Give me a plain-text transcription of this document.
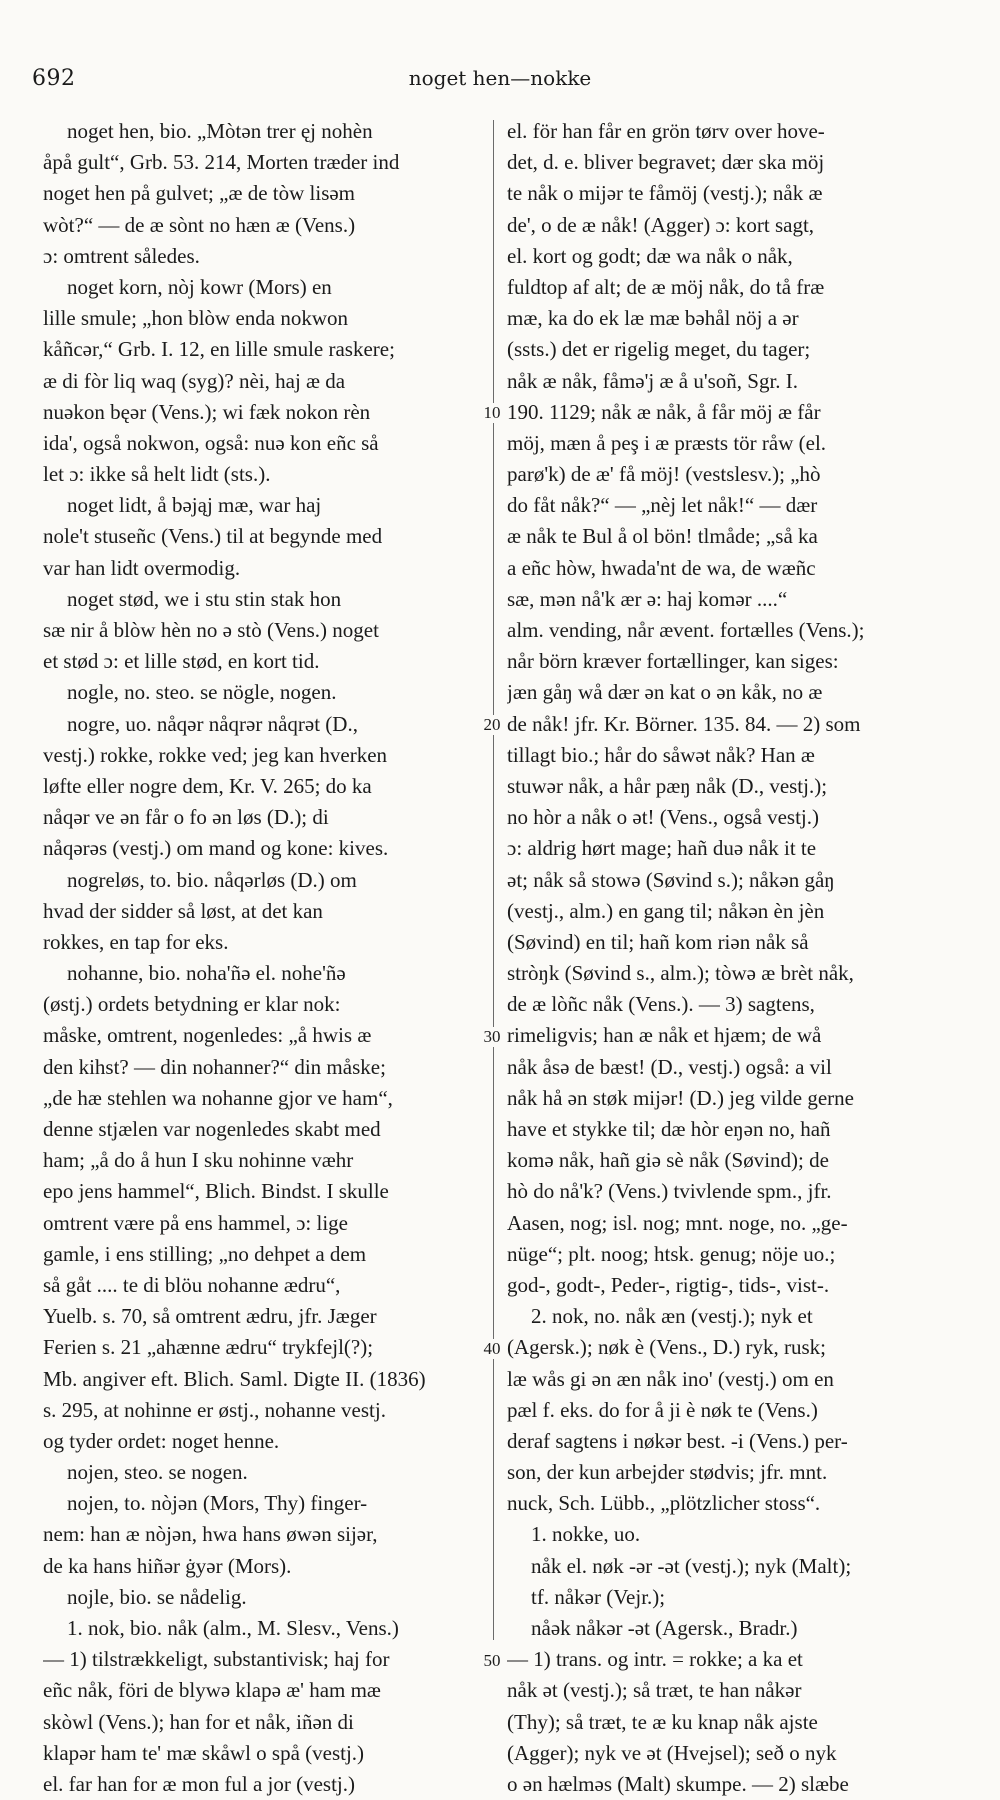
692	noget hen—nokke
noget hen, bio. „Mòtən trer ęj nohèn
åpå gult“, Grb. 53. 214, Morten træder ind
noget hen på gulvet; „æ de tòw lisəm
wòt?“ — de æ sònt no hæn æ (Vens.)
ɔ: omtrent således.
noget korn, nòj kowr (Mors) en
lille smule; „hon blòw enda nokwon
kåñcər,“ Grb. I. 12, en lille smule raskere;
æ di fòr liq waq (syg)? nèi, haj æ da
nuəkon bęər (Vens.); wi fæk nokon rèn
ida', også nokwon, også: nuə kon eñc så
let ɔ: ikke så helt lidt (sts.).
noget lidt, å bəjąj mæ, war haj
nole't stuseñc (Vens.) til at begynde med
var han lidt overmodig.
noget stød, we i stu stin stak hon
sæ nir å blòw hèn no ə stò (Vens.) noget
et stød ɔ: et lille stød, en kort tid.
nogle, no. steo. se nögle, nogen.
nogre, uo. nåqər nåqrər nåqrət (D.,
vestj.) rokke, rokke ved; jeg kan hverken
løfte eller nogre dem, Kr. V. 265; do ka
nåqər ve ən får o fo ən løs (D.); di
nåqərəs (vestj.) om mand og kone: kives.
nogreløs, to. bio. nåqərløs (D.) om
hvad der sidder så løst, at det kan
rokkes, en tap for eks.
nohanne, bio. noha'ñə el. nohe'ñə
(østj.) ordets betydning er klar nok:
måske, omtrent, nogenledes: „å hwis æ
den kihst? — din nohanner?“ din måske;
„de hæ stehlen wa nohanne gjor ve ham“,
denne stjælen var nogenledes skabt med
ham; „å do å hun I sku nohinne væhr
epo jens hammel“, Blich. Bindst. I skulle
omtrent være på ens hammel, ɔ: lige
gamle, i ens stilling; „no dehpet a dem
så gåt .... te di blöu nohanne ædru“,
Yuelb. s. 70, så omtrent ædru, jfr. Jæger
Ferien s. 21 „ahænne ædru“ trykfejl(?);
Mb. angiver eft. Blich. Saml. Digte II. (1836)
s. 295, at nohinne er østj., nohanne vestj.
og tyder ordet: noget henne.
nojen, steo. se nogen.
nojen, to. nòjən (Mors, Thy) finger-
nem: han æ nòjən, hwa hans øwən sijər,
de ka hans hiñər ġyər (Mors).
nojle, bio. se nådelig.
1. nok, bio. nåk (alm., M. Slesv., Vens.)
— 1) tilstrækkeligt, substantivisk; haj for
eñc nåk, föri de blywə klapə æ' ham mæ
skòwl (Vens.); han for et nåk, iñən di
klapər ham te' mæ skåwl o spå (vestj.)
el. far han for æ mon ful a jor (vestj.)
el. för han får en grön tørv over hove-
det, d. e. bliver begravet; dær ska möj
te nåk o mijər te fåmöj (vestj.); nåk æ
de', o de æ nåk! (Agger) ɔ: kort sagt,
el. kort og godt; dæ wa nåk o nåk,
fuldtop af alt; de æ möj nåk, do tå fræ
mæ, ka do ek læ mæ bəhål nöj a ər
(ssts.) det er rigelig meget, du tager;
nåk æ nåk, fåmə'j æ å u'soñ, Sgr. I.
190. 1129; nåk æ nåk, å får möj æ får
möj, mæn å peş i æ præsts tör råw (el.
parø'k) de æ' få möj! (vestslesv.); „hò
do fåt nåk?“ — „nèj let nåk!“ — dær
æ nåk te Bul å ol bön! tlmåde; „så ka
a eñc hòw, hwada'nt de wa, de wæñc
sæ, mən nå'k ær ə: haj komər ....“
alm. vending, når ævent. fortælles (Vens.);
når börn kræver fortællinger, kan siges:
jæn gåŋ wå dær ən kat o ən kåk, no æ
de nåk! jfr. Kr. Börner. 135. 84. — 2) som
tillagt bio.; hår do såwət nåk? Han æ
stuwər nåk, a hår pæŋ nåk (D., vestj.);
no hòr a nåk o ət! (Vens., også vestj.)
ɔ: aldrig hørt mage; hañ duə nåk it te
ət; nåk så stowə (Søvind s.); nåkən gåŋ
(vestj., alm.) en gang til; nåkən èn jèn
(Søvind) en til; hañ kom riən nåk så
stròŋk (Søvind s., alm.); tòwə æ brèt nåk,
de æ lòñc nåk (Vens.). — 3) sagtens,
rimeligvis; han æ nåk et hjæm; de wå
nåk åsə de bæst! (D., vestj.) også: a vil
nåk hå ən støk mijər! (D.) jeg vilde gerne
have et stykke til; dæ hòr eŋən no, hañ
komə nåk, hañ giə sè nåk (Søvind); de
hò do nå'k? (Vens.) tvivlende spm., jfr.
Aasen, nog; isl. nog; mnt. noge, no. „ge-
nüge“; plt. noog; htsk. genug; nöje uo.;
god-, godt-, Peder-, rigtig-, tids-, vist-.
2. nok, no. nåk æn (vestj.); nyk et
(Agersk.); nøk è (Vens., D.) ryk, rusk;
læ wås gi ən æn nåk ino' (vestj.) om en
pæl f. eks. do for å ji è nøk te (Vens.)
deraf sagtens i nøkər best. -i (Vens.) per-
son, der kun arbejder stødvis; jfr. mnt.
nuck, Sch. Lübb., „plötzlicher stoss“.
1. nokke, uo.
nåk el. nøk -ər -ət (vestj.); nyk (Malt);
tf. nåkər (Vejr.);
nåək nåkər -ət (Agersk., Bradr.)
— 1) trans. og intr. = rokke; a ka et
nåk ət (vestj.); så træt, te han nåkər
(Thy); så træt, te æ ku knap nåk ajste
(Agger); nyk ve ət (Hvejsel); seð o nyk
o ən hælməs (Malt) skumpe. — 2) slæbe
10
20
30
40
50
